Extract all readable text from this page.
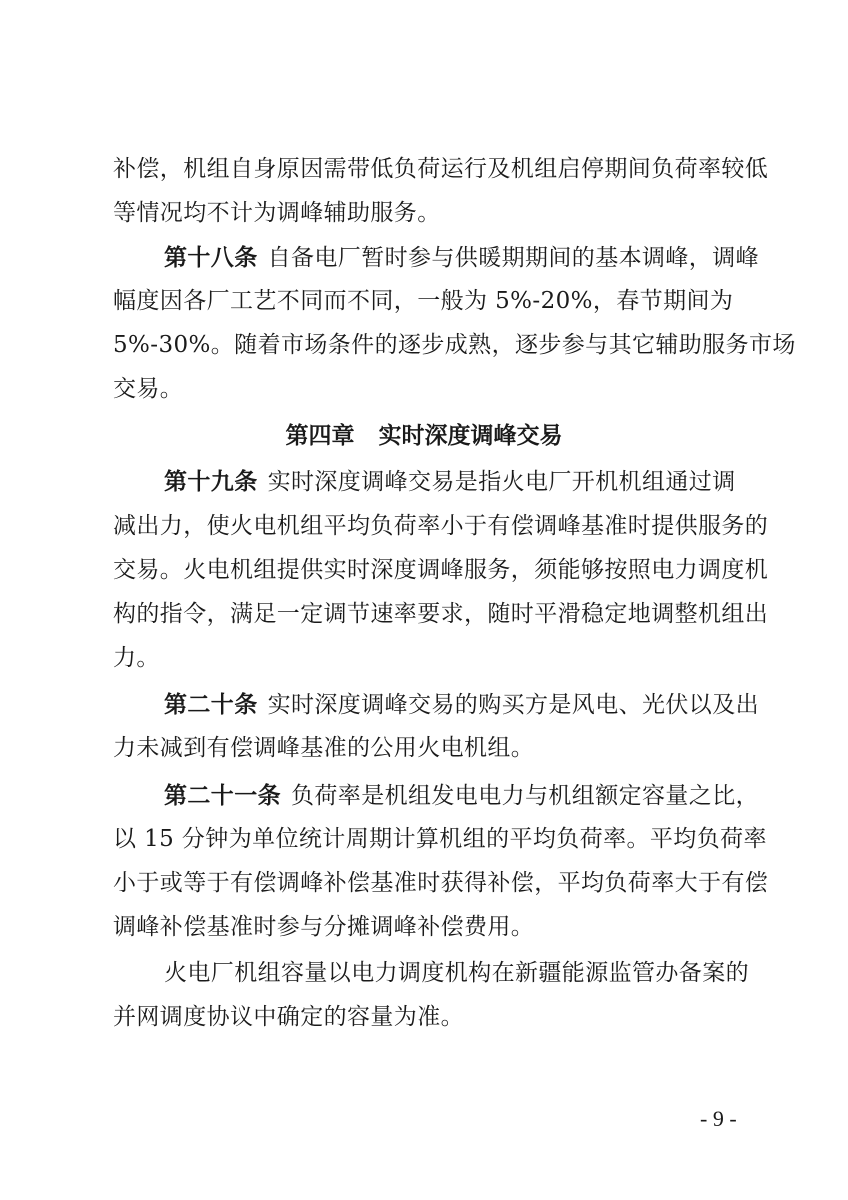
补偿，机组自身原因需带低负荷运行及机组启停期间负荷率较低
等情况均不计为调峰辅助服务。
第十八条 自备电厂暂时参与供暖期期间的基本调峰，调峰
幅度因各厂工艺不同而不同，一般为 5%-20%，春节期间为
5%-30%。随着市场条件的逐步成熟，逐步参与其它辅助服务市场
交易。
第四章 实时深度调峰交易
第十九条 实时深度调峰交易是指火电厂开机机组通过调
减出力，使火电机组平均负荷率小于有偿调峰基准时提供服务的
交易。火电机组提供实时深度调峰服务，须能够按照电力调度机
构的指令，满足一定调节速率要求，随时平滑稳定地调整机组出
力。
第二十条 实时深度调峰交易的购买方是风电、光伏以及出
力未减到有偿调峰基准的公用火电机组。
第二十一条 负荷率是机组发电电力与机组额定容量之比，
以 15 分钟为单位统计周期计算机组的平均负荷率。平均负荷率
小于或等于有偿调峰补偿基准时获得补偿，平均负荷率大于有偿
调峰补偿基准时参与分摊调峰补偿费用。
火电厂机组容量以电力调度机构在新疆能源监管办备案的
并网调度协议中确定的容量为准。
- 9 -
